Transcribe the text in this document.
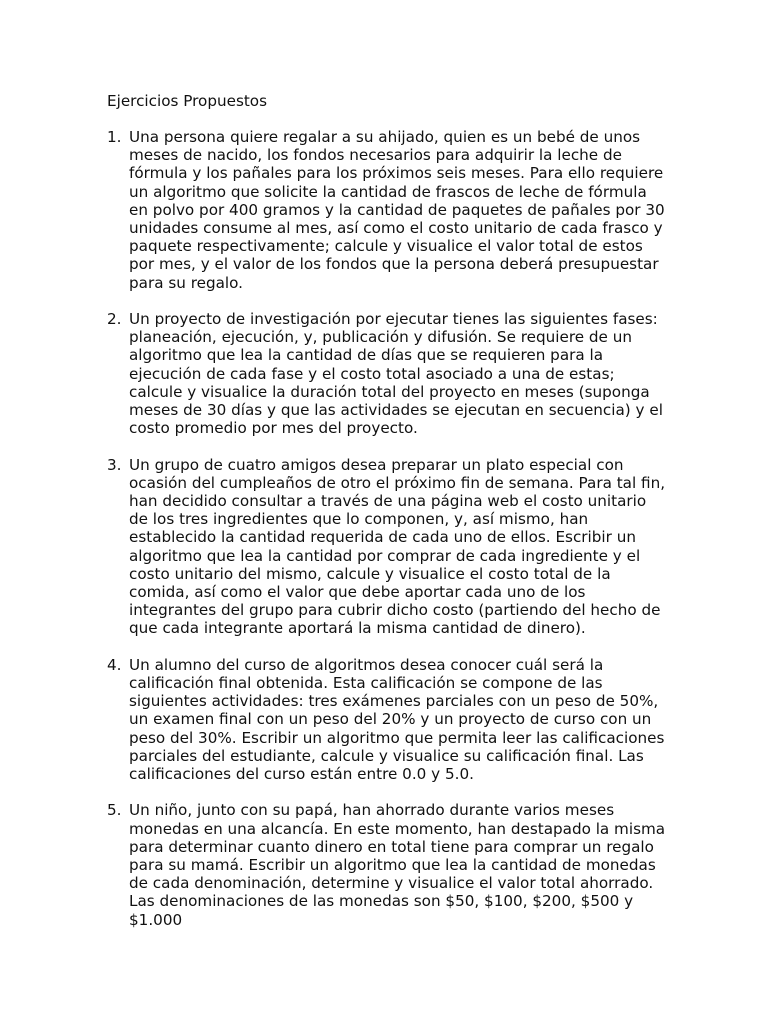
Ejercicios Propuestos
1. Una persona quiere regalar a su ahijado, quien es un bebé de unos meses de nacido, los fondos necesarios para adquirir la leche de fórmula y los pañales para los próximos seis meses. Para ello requiere un algoritmo que solicite la cantidad de frascos de leche de fórmula en polvo por 400 gramos y la cantidad de paquetes de pañales por 30 unidades consume al mes, así como el costo unitario de cada frasco y paquete respectivamente; calcule y visualice el valor total de estos por mes, y el valor de los fondos que la persona deberá presupuestar para su regalo.

2. Un proyecto de investigación por ejecutar tienes las siguientes fases: planeación, ejecución, y, publicación y difusión. Se requiere de un algoritmo que lea la cantidad de días que se requieren para la ejecución de cada fase y el costo total asociado a una de estas; calcule y visualice la duración total del proyecto en meses (suponga meses de 30 días y que las actividades se ejecutan en secuencia) y el costo promedio por mes del proyecto.

3. Un grupo de cuatro amigos desea preparar un plato especial con ocasión del cumpleaños de otro el próximo fin de semana. Para tal fin, han decidido consultar a través de una página web el costo unitario de los tres ingredientes que lo componen, y, así mismo, han establecido la cantidad requerida de cada uno de ellos. Escribir un algoritmo que lea la cantidad por comprar de cada ingrediente y el costo unitario del mismo, calcule y visualice el costo total de la comida, así como el valor que debe aportar cada uno de los integrantes del grupo para cubrir dicho costo (partiendo del hecho de que cada integrante aportará la misma cantidad de dinero).

4. Un alumno del curso de algoritmos desea conocer cuál será la calificación final obtenida. Esta calificación se compone de las siguientes actividades: tres exámenes parciales con un peso de 50%, un examen final con un peso del 20% y un proyecto de curso con un peso del 30%. Escribir un algoritmo que permita leer las calificaciones parciales del estudiante, calcule y visualice su calificación final. Las calificaciones del curso están entre 0.0 y 5.0.

5. Un niño, junto con su papá, han ahorrado durante varios meses monedas en una alcancía. En este momento, han destapado la misma para determinar cuanto dinero en total tiene para comprar un regalo para su mamá. Escribir un algoritmo que lea la cantidad de monedas de cada denominación, determine y visualice el valor total ahorrado. Las denominaciones de las monedas son $50, $100, $200, $500 y $1.000
